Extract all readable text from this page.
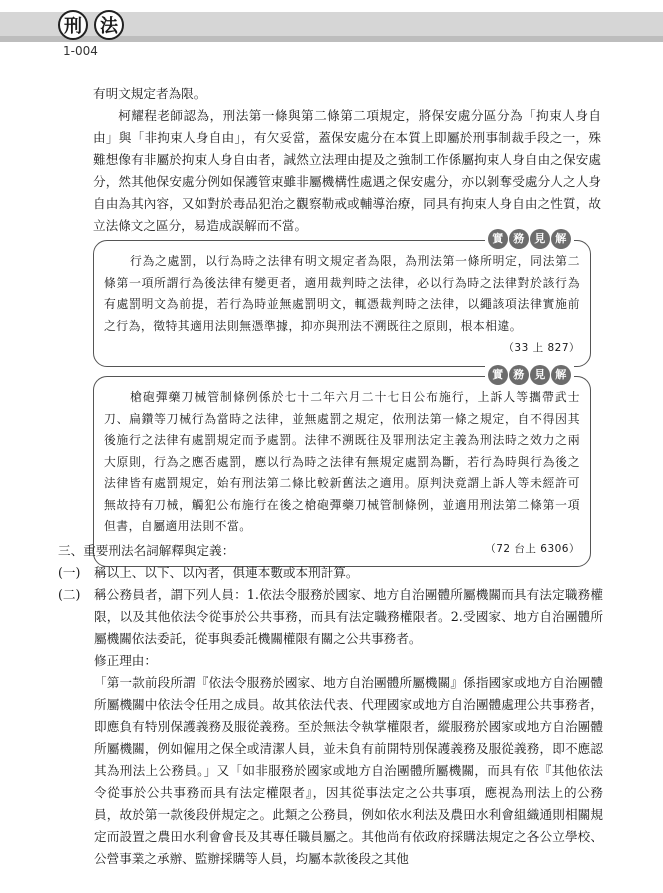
刑	法
1-004

有明文規定者為限。

柯耀程老師認為，刑法第一條與第二條第二項規定，將保安處分區分為「拘束人身自由」與「非拘束人身自由」，有欠妥當，蓋保安處分在本質上即屬於刑事制裁手段之一，殊難想像有非屬於拘束人身自由者，誠然立法理由提及之強制工作係屬拘束人身自由之保安處分，然其他保安處分例如保護管束雖非屬機構性處遇之保安處分，亦以剝奪受處分人之人身自由為其內容，又如對於毒品犯治之觀察勒戒或輔導治療，同具有拘束人身自由之性質，故立法條文之區分，易造成誤解而不當。

實 務 見 解

行為之處罰，以行為時之法律有明文規定者為限，為刑法第一條所明定，同法第二條第一項所謂行為後法律有變更者，適用裁判時之法律，必以行為時之法律對於該行為有處罰明文為前提，若行為時並無處罰明文，輒憑裁判時之法律，以繩該項法律實施前之行為，徵特其適用法則無憑準據，抑亦與刑法不溯既往之原則，根本相違。

（33 上 827）
實 務 見 解

槍砲彈藥刀械管制條例係於七十二年六月二十七日公布施行，上訴人等攜帶武士刀、扁鑽等刀械行為當時之法律，並無處罰之規定，依刑法第一條之規定，自不得因其後施行之法律有處罰規定而予處罰。法律不溯既往及罪刑法定主義為刑法時之效力之兩大原則，行為之應否處罰，應以行為時之法律有無規定處罰為斷，若行為時與行為後之法律皆有處罰規定，始有刑法第二條比較新舊法之適用。原判決竟謂上訴人等未經許可無故持有刀械，觸犯公布施行在後之槍砲彈藥刀械管制條例，並適用刑法第二條第一項但書，自屬適用法則不當。

（72 台上 6306）
三、重要刑法名詞解釋與定義：
(一)	稱以上、以下、以內者，俱連本數或本刑計算。
(二)	稱公務員者，謂下列人員：1.依法令服務於國家、地方自治團體所屬機關而具有法定職務權限，以及其他依法令從事於公共事務，而具有法定職務權限者。2.受國家、地方自治團體所屬機關依法委託，從事與委託機關權限有關之公共事務者。
修正理由：
「第一款前段所謂『依法令服務於國家、地方自治團體所屬機關』係指國家或地方自治團體所屬機關中依法令任用之成員。故其依法代表、代理國家或地方自治團體處理公共事務者，即應負有特別保護義務及服從義務。至於無法令執掌權限者，縱服務於國家或地方自治團體所屬機關，例如僱用之保全或清潔人員，並未負有前開特別保護義務及服從義務，即不應認其為刑法上公務員。」又「如非服務於國家或地方自治團體所屬機關，而具有依『其他依法令從事於公共事務而具有法定權限者』，因其從事法定之公共事項，應視為刑法上的公務員，故於第一款後段併規定之。此類之公務員，例如依水利法及農田水利會組織通則相關規定而設置之農田水利會會長及其專任職員屬之。其他尚有依政府採購法規定之各公立學校、公營事業之承辦、監辦採購等人員，均屬本款後段之其他
